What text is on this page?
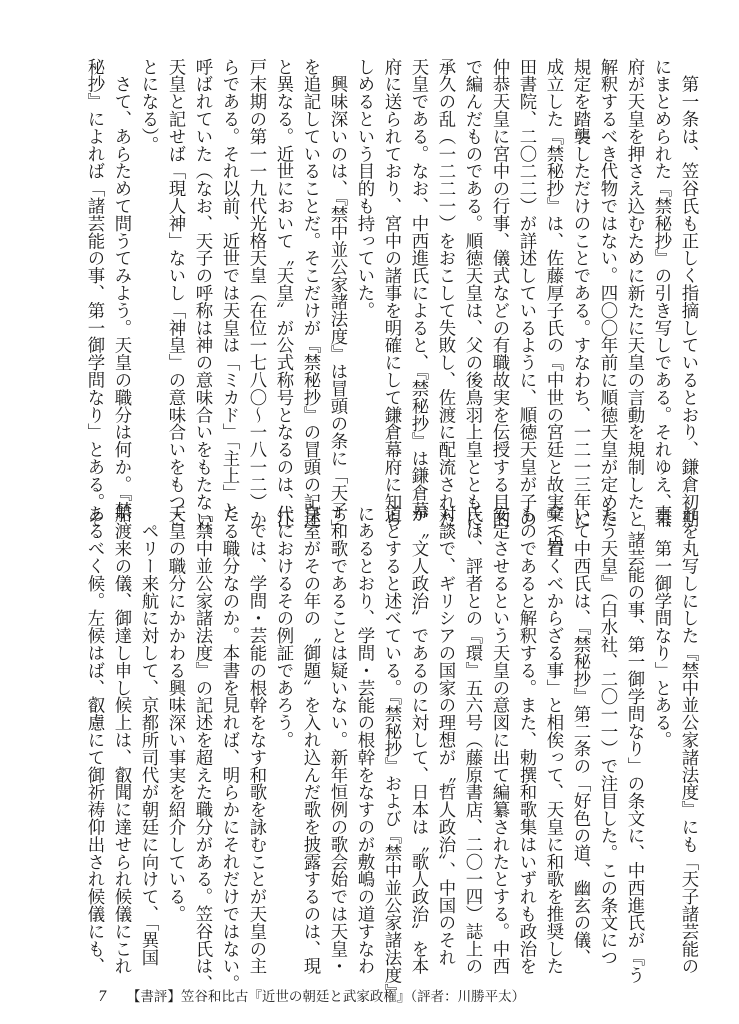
　第一条は、笠谷氏も正しく指摘しているとおり、鎌倉初期
にまとめられた『禁秘抄』の引き写しである。それゆえ、幕
府が天皇を押さえ込むために新たに天皇の言動を規制したと
解釈するべき代物ではない。四〇〇年前に順徳天皇が定めた
規定を踏襲しただけのことである。すなわち、一二一三年に
成立した『禁秘抄』は、佐藤厚子氏の『中世の宮廷と故実』（岩
田書院、二〇二二）が詳述しているように、順徳天皇が子の
仲恭天皇に宮中の行事、儀式などの有職故実を伝授する目的
で編んだものである。順徳天皇は、父の後鳥羽上皇とともに、
承久の乱（一二二一）をおこして失敗し、佐渡に配流された
天皇である。なお、中西進氏によると、『禁秘抄』は鎌倉幕
府に送られており、宮中の諸事を明確にして鎌倉幕府に知ら
しめるという目的も持っていた。
　興味深いのは、『禁中並公家諸法度』は冒頭の条に「天子」
を追記していることだ。そこだけが『禁秘抄』の冒頭の記述
と異なる。近世において〝天皇〟が公式称号となるのは、江
戸末期の第一一九代光格天皇（在位一七八〇～一八一二）か
らである。それ以前、近世では天皇は「ミカド」「主上」と
呼ばれていた（なお、天子の呼称は神の意味合いをもたない。
天皇と記せば「現人神」ないし「神皇」の意味合いをもつこ
とになる）。
　さて、あらためて問うてみよう。天皇の職分は何か。『禁
秘抄』によれば「諸芸能の事、第一御学問なり」とある。そ
れを丸写しにした『禁中並公家諸法度』にも「天子諸芸能の
事、第一御学問なり」とある。
　「諸芸能の事、第一御学問なり」の条文に、中西進氏が『う
たう天皇』（白水社、二〇一一）で注目した。この条文につ
いて中西氏は、『禁秘抄』第二条の「好色の道、幽玄の儀、
棄て置くべからざる事」と相俟って、天皇に和歌を推奨した
ものであると解釈する。また、勅撰和歌集はいずれも政治を
安定させるという天皇の意図に出て編纂されたとする。中西
氏は、評者との『環』五六号（藤原書店、二〇一四）誌上の
対談で、ギリシアの国家の理想が〝哲人政治〟、中国のそれ
が〝文人政治〟であるのに対して、日本は〝歌人政治〟を本
道とすると述べている。『禁秘抄』および『禁中並公家諸法度』
にあるとおり、学問・芸能の根幹をなすのが敷嶋の道すなわ
ち和歌であることは疑いない。新年恒例の歌会始では天皇・
皇室がその年の〝御題〟を入れ込んだ歌を披露するのは、現
代におけるその例証であろう。
　では、学問・芸能の根幹をなす和歌を詠むことが天皇の主
たる職分なのか。本書を見れば、明らかにそれだけではない。
『禁中並公家諸法度』の記述を超えた職分がある。笠谷氏は、
天皇の職分にかかわる興味深い事実を紹介している。
　ペリー来航に対して、京都所司代が朝廷に向けて、「異国
船渡来の儀、御達し申し候上は、叡聞に達せられ候儀にこれ
あるべく候。左候はば、叡慮にて御祈祷仰出され候儀にも、
7 【書評】笠谷和比古『近世の朝廷と武家政権』（評者：川勝平太）
